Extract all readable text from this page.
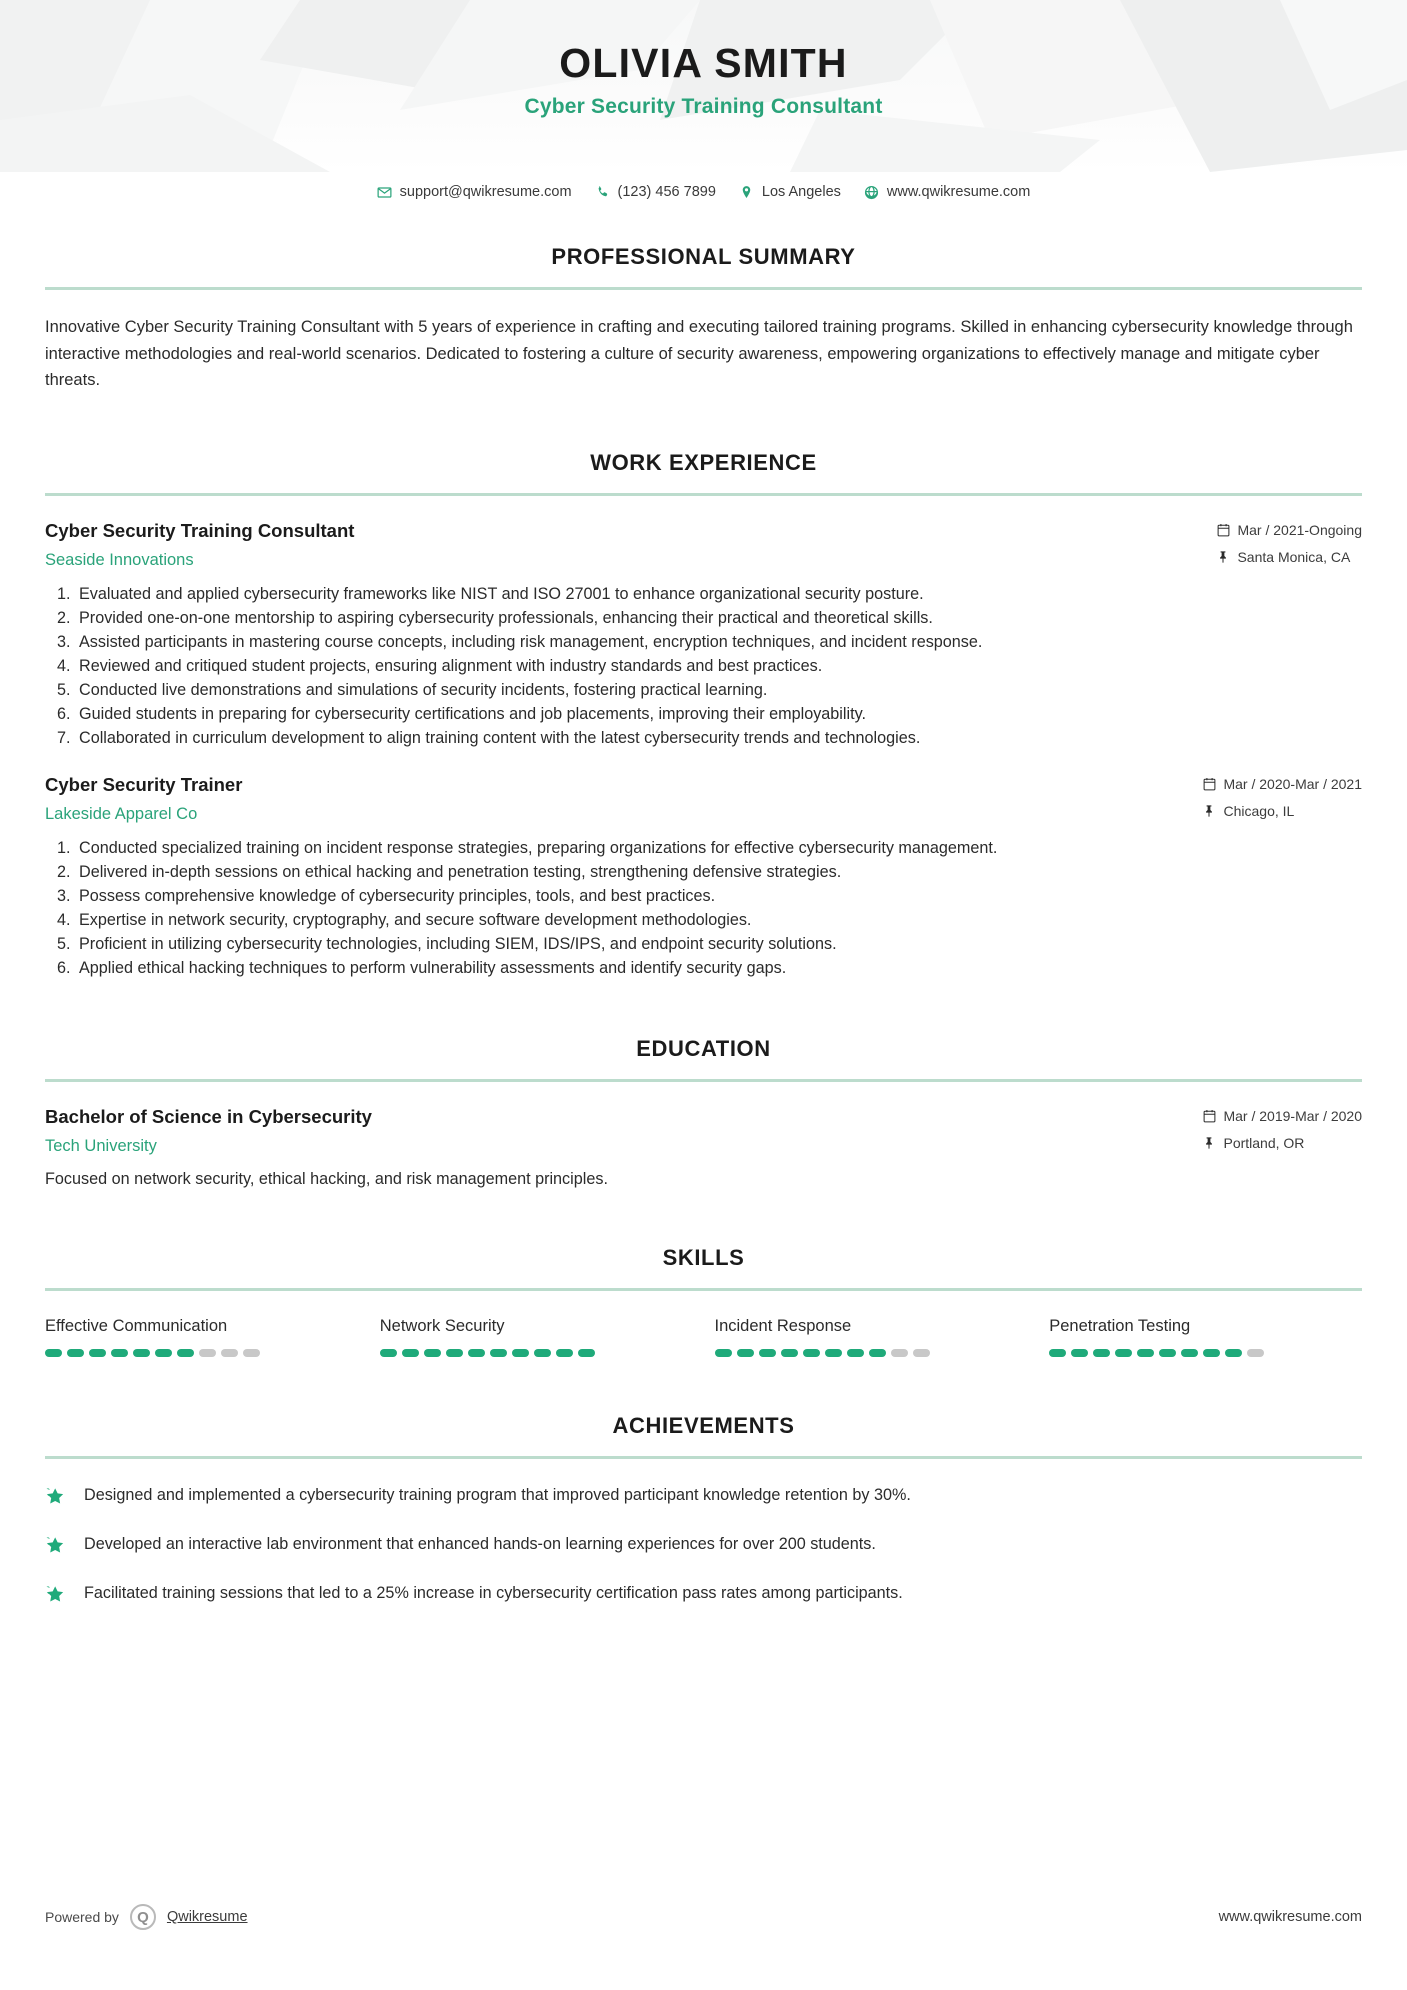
OLIVIA SMITH
Cyber Security Training Consultant
support@qwikresume.com	(123) 456 7899	Los Angeles	www.qwikresume.com
PROFESSIONAL SUMMARY

Innovative Cyber Security Training Consultant with 5 years of experience in crafting and executing tailored training programs. Skilled in enhancing cybersecurity knowledge through interactive methodologies and real-world scenarios. Dedicated to fostering a culture of security awareness, empowering organizations to effectively manage and mitigate cyber threats.

WORK EXPERIENCE
Cyber Security Training Consultant
Seaside Innovations
Mar / 2021-Ongoing
Santa Monica, CA
1. Evaluated and applied cybersecurity frameworks like NIST and ISO 27001 to enhance organizational security posture.
2. Provided one-on-one mentorship to aspiring cybersecurity professionals, enhancing their practical and theoretical skills.
3. Assisted participants in mastering course concepts, including risk management, encryption techniques, and incident response.
4. Reviewed and critiqued student projects, ensuring alignment with industry standards and best practices.
5. Conducted live demonstrations and simulations of security incidents, fostering practical learning.
6. Guided students in preparing for cybersecurity certifications and job placements, improving their employability.
7. Collaborated in curriculum development to align training content with the latest cybersecurity trends and technologies.
Cyber Security Trainer
Lakeside Apparel Co
Mar / 2020-Mar / 2021
Chicago, IL
1. Conducted specialized training on incident response strategies, preparing organizations for effective cybersecurity management.
2. Delivered in-depth sessions on ethical hacking and penetration testing, strengthening defensive strategies.
3. Possess comprehensive knowledge of cybersecurity principles, tools, and best practices.
4. Expertise in network security, cryptography, and secure software development methodologies.
5. Proficient in utilizing cybersecurity technologies, including SIEM, IDS/IPS, and endpoint security solutions.
6. Applied ethical hacking techniques to perform vulnerability assessments and identify security gaps.
EDUCATION
Bachelor of Science in Cybersecurity
Tech University
Mar / 2019-Mar / 2020
Portland, OR
Focused on network security, ethical hacking, and risk management principles.
SKILLS
Effective Communication	Network Security	Incident Response	Penetration Testing
ACHIEVEMENTS
Designed and implemented a cybersecurity training program that improved participant knowledge retention by 30%.
Developed an interactive lab environment that enhanced hands-on learning experiences for over 200 students.
Facilitated training sessions that led to a 25% increase in cybersecurity certification pass rates among participants.
Powered by	Q	Qwikresume	www.qwikresume.com
